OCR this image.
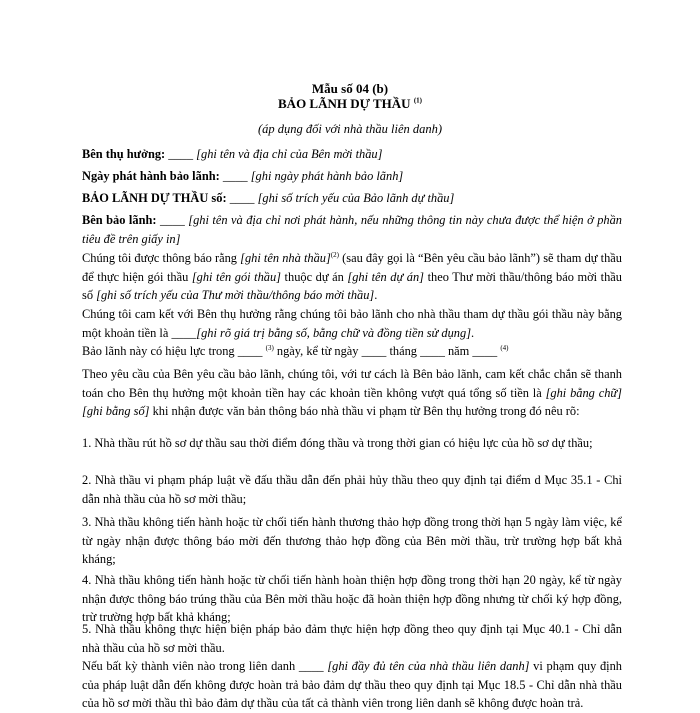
Mẫu số 04 (b)
BẢO LÃNH DỰ THẦU $^{(1)}$
(áp dụng đối với nhà thầu liên danh)
Bên thụ hưởng: ____ [ghi tên và địa chỉ của Bên mời thầu]
Ngày phát hành bảo lãnh: ____ [ghi ngày phát hành bảo lãnh]
BẢO LÃNH DỰ THẦU số: ____ [ghi số trích yếu của Bảo lãnh dự thầu]
Bên bảo lãnh: ____ [ghi tên và địa chỉ nơi phát hành, nếu những thông tin này chưa được thể hiện ở phần tiêu đề trên giấy in]
Chúng tôi được thông báo rằng [ghi tên nhà thầu]$^{(2)}$ (sau đây gọi là “Bên yêu cầu bảo lãnh”) sẽ tham dự thầu để thực hiện gói thầu [ghi tên gói thầu] thuộc dự án [ghi tên dự án] theo Thư mời thầu/thông báo mời thầu số [ghi số trích yếu của Thư mời thầu/thông báo mời thầu].
Chúng tôi cam kết với Bên thụ hưởng rằng chúng tôi bảo lãnh cho nhà thầu tham dự thầu gói thầu này bằng một khoản tiền là ____[ghi rõ giá trị bằng số, bằng chữ và đồng tiền sử dụng].
Bảo lãnh này có hiệu lực trong ____ $^{(3)}$ ngày, kể từ ngày ____ tháng ____ năm ____ $^{(4)}$
Theo yêu cầu của Bên yêu cầu bảo lãnh, chúng tôi, với tư cách là Bên bảo lãnh, cam kết chắc chắn sẽ thanh toán cho Bên thụ hưởng một khoản tiền hay các khoản tiền không vượt quá tổng số tiền là [ghi bằng chữ] [ghi bằng số] khi nhận được văn bản thông báo nhà thầu vi phạm từ Bên thụ hưởng trong đó nêu rõ:
1. Nhà thầu rút hồ sơ dự thầu sau thời điểm đóng thầu và trong thời gian có hiệu lực của hồ sơ dự thầu;
2. Nhà thầu vi phạm pháp luật về đấu thầu dẫn đến phải hủy thầu theo quy định tại điểm d Mục 35.1 - Chỉ dẫn nhà thầu của hồ sơ mời thầu;
3. Nhà thầu không tiến hành hoặc từ chối tiến hành thương thảo hợp đồng trong thời hạn 5 ngày làm việc, kể từ ngày nhận được thông báo mời đến thương thảo hợp đồng của Bên mời thầu, trừ trường hợp bất khả kháng;
4. Nhà thầu không tiến hành hoặc từ chối tiến hành hoàn thiện hợp đồng trong thời hạn 20 ngày, kể từ ngày nhận được thông báo trúng thầu của Bên mời thầu hoặc đã hoàn thiện hợp đồng nhưng từ chối ký hợp đồng, trừ trường hợp bất khả kháng;
5. Nhà thầu không thực hiện biện pháp bảo đảm thực hiện hợp đồng theo quy định tại Mục 40.1 - Chỉ dẫn nhà thầu của hồ sơ mời thầu.
Nếu bất kỳ thành viên nào trong liên danh ____ [ghi đầy đủ tên của nhà thầu liên danh] vi phạm quy định của pháp luật dẫn đến không được hoàn trả bảo đảm dự thầu theo quy định tại Mục 18.5 - Chỉ dẫn nhà thầu của hồ sơ mời thầu thì bảo đảm dự thầu của tất cả thành viên trong liên danh sẽ không được hoàn trả.
